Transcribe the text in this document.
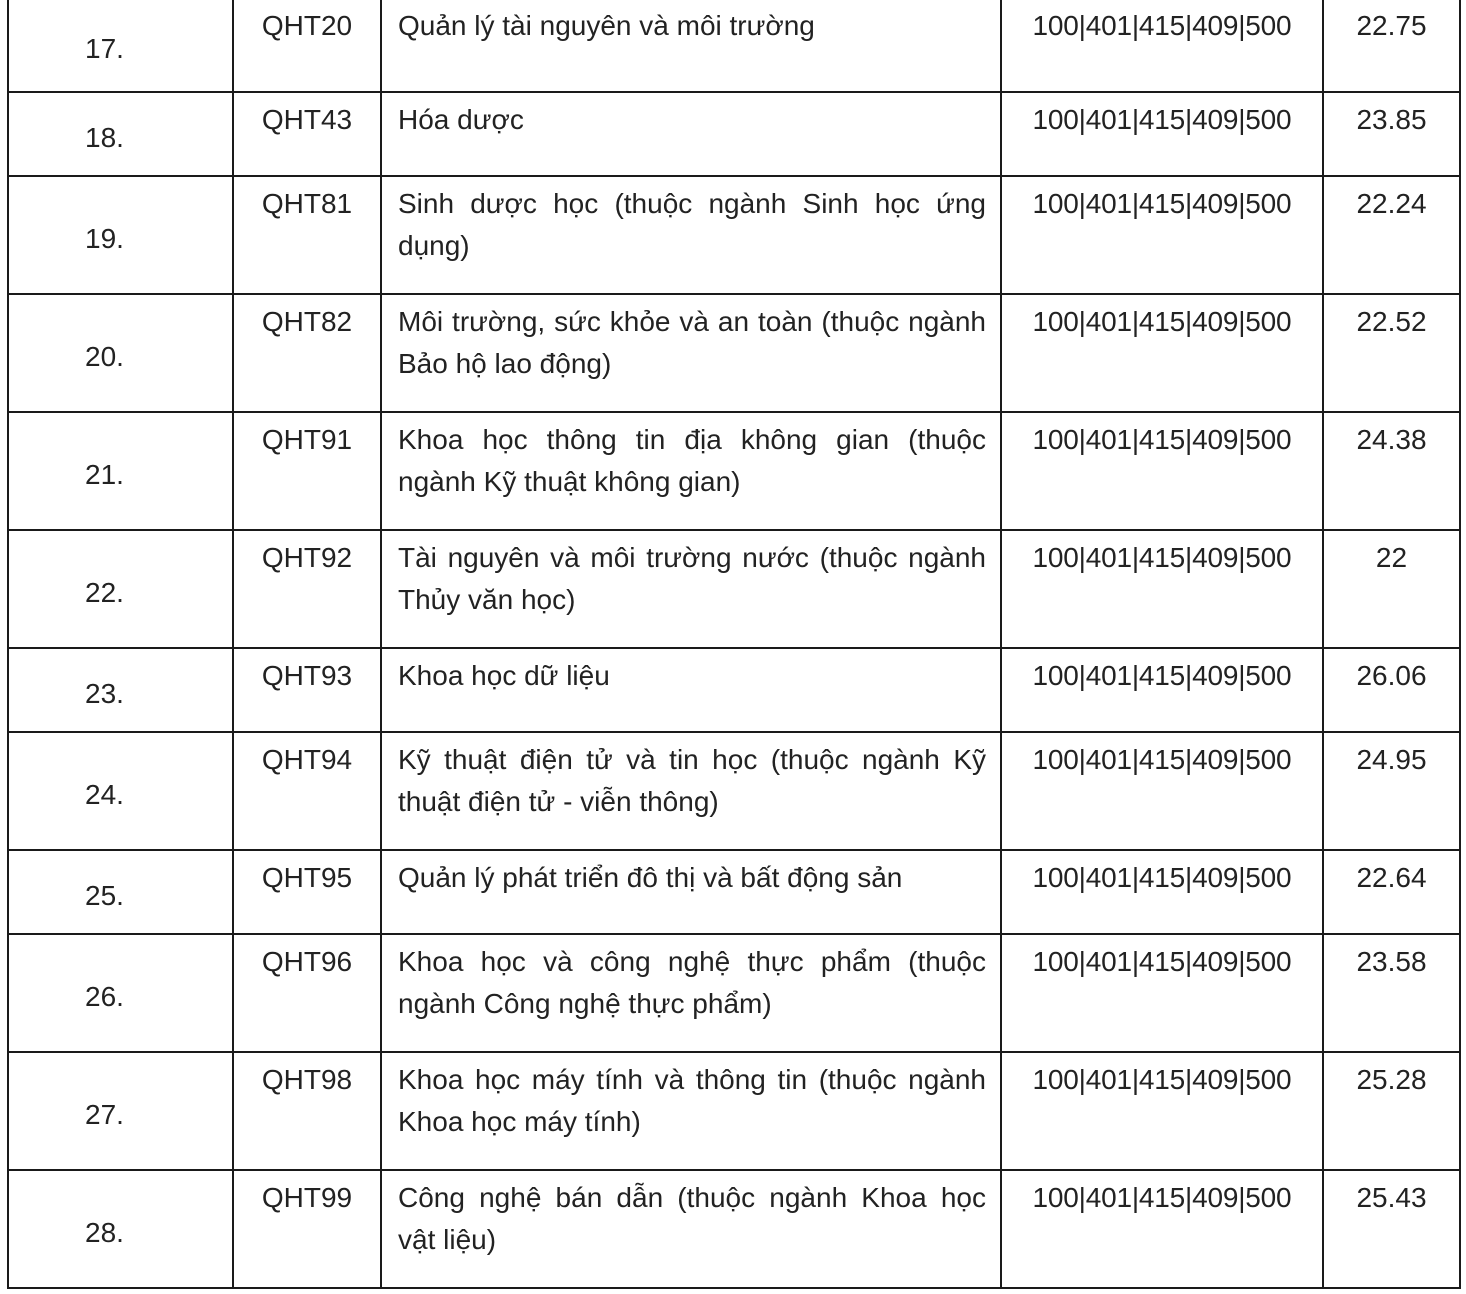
17.	QHT20	Quản lý tài nguyên và môi trường	100|401|415|409|500	22.75
18.	QHT43	Hóa dược	100|401|415|409|500	23.85
19.	QHT81	Sinh dược học (thuộc ngành Sinh học ứng dụng)	100|401|415|409|500	22.24
20.	QHT82	Môi trường, sức khỏe và an toàn (thuộc ngành Bảo hộ lao động)	100|401|415|409|500	22.52
21.	QHT91	Khoa học thông tin địa không gian (thuộc ngành Kỹ thuật không gian)	100|401|415|409|500	24.38
22.	QHT92	Tài nguyên và môi trường nước (thuộc ngành Thủy văn học)	100|401|415|409|500	22
23.	QHT93	Khoa học dữ liệu	100|401|415|409|500	26.06
24.	QHT94	Kỹ thuật điện tử và tin học (thuộc ngành Kỹ thuật điện tử - viễn thông)	100|401|415|409|500	24.95
25.	QHT95	Quản lý phát triển đô thị và bất động sản	100|401|415|409|500	22.64
26.	QHT96	Khoa học và công nghệ thực phẩm (thuộc ngành Công nghệ thực phẩm)	100|401|415|409|500	23.58
27.	QHT98	Khoa học máy tính và thông tin (thuộc ngành Khoa học máy tính)	100|401|415|409|500	25.28
28.	QHT99	Công nghệ bán dẫn (thuộc ngành Khoa học vật liệu)	100|401|415|409|500	25.43
